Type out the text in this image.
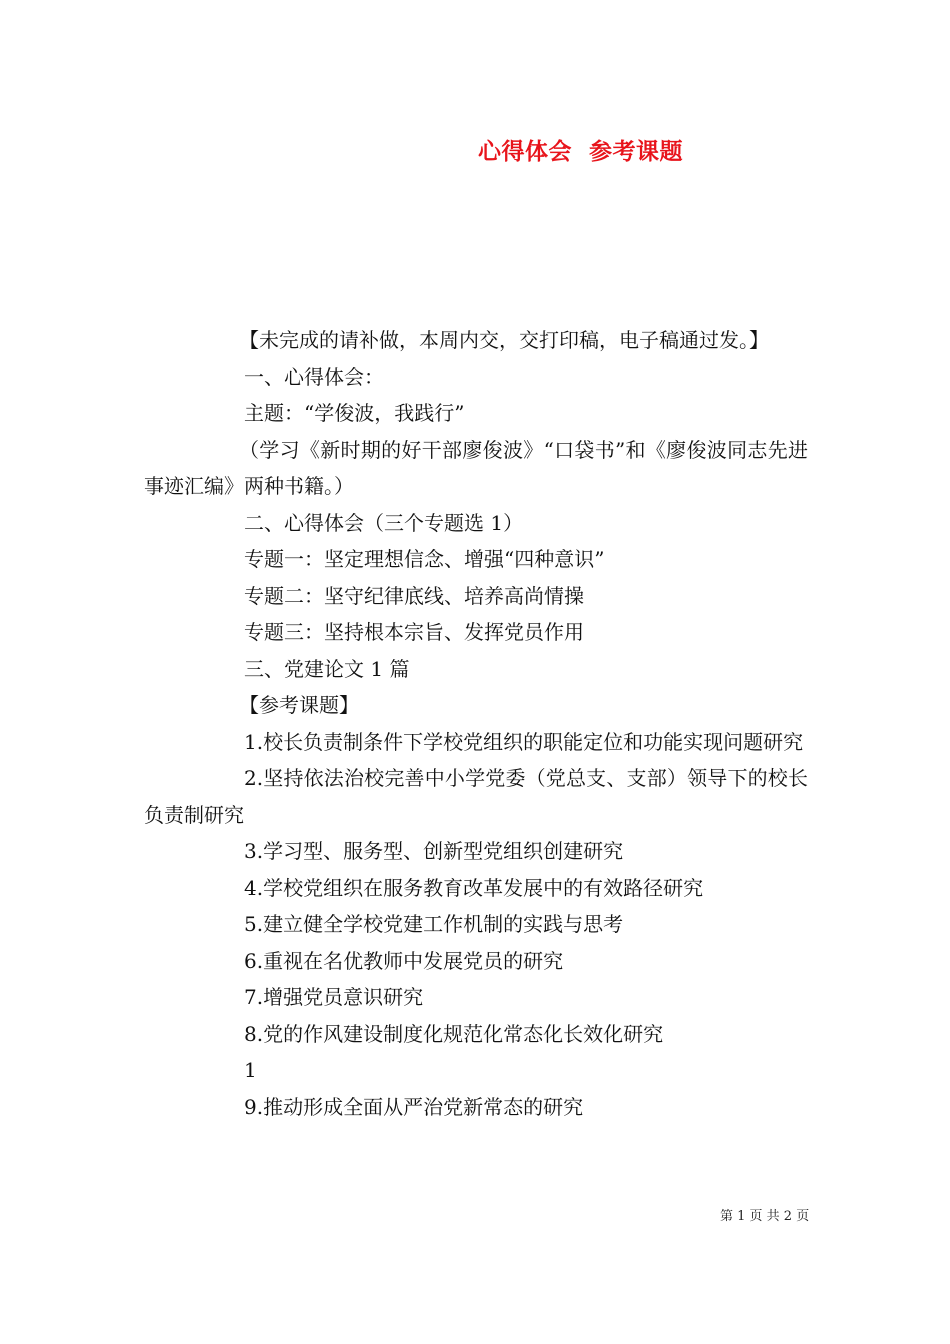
心得体会  参考课题

【未完成的请补做，本周内交，交打印稿，电子稿通过发。】

一、心得体会：

主题：“学俊波，我践行”

（学习《新时期的好干部廖俊波》“口袋书”和《廖俊波同志先进事迹汇编》两种书籍。）

二、心得体会（三个专题选 1）

专题一：坚定理想信念、增强“四种意识”

专题二：坚守纪律底线、培养高尚情操

专题三：坚持根本宗旨、发挥党员作用

三、党建论文 1 篇

【参考课题】

1.校长负责制条件下学校党组织的职能定位和功能实现问题研究

2.坚持依法治校完善中小学党委（党总支、支部）领导下的校长负责制研究

3.学习型、服务型、创新型党组织创建研究

4.学校党组织在服务教育改革发展中的有效路径研究

5.建立健全学校党建工作机制的实践与思考

6.重视在名优教师中发展党员的研究

7.增强党员意识研究

8.党的作风建设制度化规范化常态化长效化研究

1

9.推动形成全面从严治党新常态的研究

第 1 页 共 2 页
